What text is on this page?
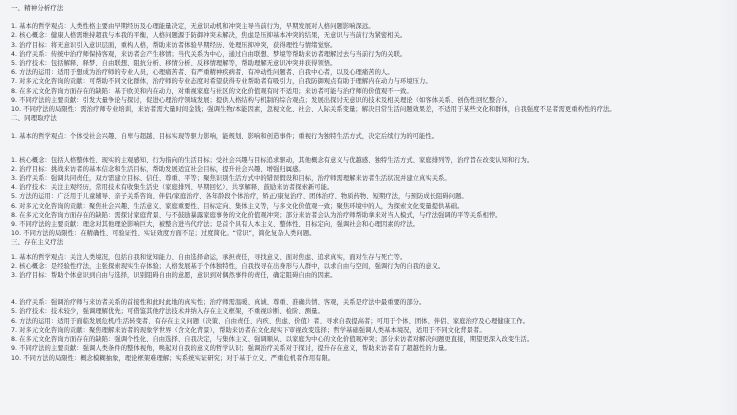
一、精神分析疗法
1. 基本的哲学观点：人类性格主要由早期经历及心理能量决定，无意识动机和冲突主导当前行为，早期发展对人格问题影响深远。
2. 核心概念：健康人格需维持超我与本我的平衡，人格问题源于防御冲突未解决，焦虑是压抑基本冲突的结果，无意识与当前行为紧密相关。
3. 治疗目标：将无意识引入意识层面，重构人格，帮助来访者体验早期经历、处理压抑冲突，获得理性与情绪觉察。
4. 治疗关系：传统中治疗师保持客观，来访者会产生移情；当代关系为中心，通过自由联想、梦境等帮助来访者理解过去与当前行为的关联。
5. 治疗技术：包括解释、释梦、自由联想、阻抗分析、移情分析、反移情理解等，帮助理解无意识冲突并获得领悟。
6. 方法的运用：适用于想成为治疗师的专业人员，心理痛苦者、有严重精神疾病者、有冲动性问题者、自我中心者，以及心理痛苦的人。
7. 对多元文化咨询的贡献：可帮助不同文化群体，治疗师的专业态度对希望获得专业帮助者有吸引力，自我防御观点有助于理解内在动力与环境压力。
8. 在多元文化咨询方面存在的缺陷：基于欧美和内在动力，对重视家庭与社区的文化价值观有时不适用；来访者可能与治疗师的价值观不一致。
9. 不同疗法的主要贡献：引发大量争论与探讨，促进心理治疗领域发展；提供人格结构与机制的综合观点；发展出探讨无意识的技术及相关理论（如客体关系、创伤性回忆整合）。
10. 不同疗法的局限性：需治疗师专业培训，来访者需大量时间金钱；强调生物/本能因素，忽视文化、社会、人际关系变量；解决目常生活问题效果差，不适用于某些文化和群体，自我强度不足者需更重构性的疗法。
二、同理取疗法
1. 基本的哲学观点：个体受社会兴趣、自卑与超越、目标实现等驱力影响，能规划、影响和创造事件；重视行为独特生活方式，决定后续行为的可能性。
1. 核心概念：包括人格整体性、现实的主观感知、行为指向的生活目标；受社会兴趣与目标追求驱动，其他概念有意义与优越感、独特生活方式、家庭排列等，治疗旨在改变认知和行为。
2. 治疗目标：挑战来访者的基本信念和生活目标，帮助发展适宜社会目标，提升社会兴趣、增强归属感。
3. 治疗关系：强调共同责任，双方需建立目标、信任、尊重、平等；聚焦识别生活方式中的错误假设和目标，治疗师需理解来访者生活状况并建立真实关系。
4. 治疗技术：关注主观经历，常用技术有收集生活史（家庭排列、早期回忆）、共享解释、鼓励来访者探索新可能。
5. 方法的运用：广泛用于儿童辅导、亲子关系咨询、伴侣/家庭治疗、各年龄段个体治疗，矫正/康复治疗、团体治疗、物质药物、短期疗法，与预防成长阻碍问题。
6. 对多元文化咨询的贡献：聚焦社会兴趣、生活意义、家庭重要性、目标定向、集体主义等，与多文化价值观一致；聚焦环境中的人，为探索文化变量提供基础。
8. 在多元文化咨询方面存在的缺陷：需探讨家庭背景、与不鼓励暴露家庭事务的文化价值观冲突；部分来访者会认为治疗师帮助拿来对当人模式，与疗法强调的平等关系相悖。
9. 不同疗法的主要贡献：理念对其他理论影响巨大，被整合进当代疗法；是首个具有人本主义、整体性、目标定向，强调社会和心理因素的疗法。
10. 不同方法的局限性：在精确性、可验证性、实证效度方面不足；过度简化。“常识”，简化复杂人类问题。
三、存在主义疗法
1. 基本的哲学观点：关注人类境况，包括自我和觉知能力、自由选择命运，承担责任，寻找意义、面对焦虑、追求真实，面对生存与死亡等。
2. 核心概念：是经验性疗法，主张探索现实生存体验；人格发展基于个体独特性，自我找寻在出身形与人群中，以求自由与空间，强调行为的自我的意义。
3. 治疗目标：帮助个体意识到自由与选择，识别阻碍自由的意愿，意识到对偶然事件的责任，确定阻碍自由的因素。
4. 治疗关系：强调治疗师与来访者关系的首接性和此时此地的真实性；治疗师需温暖、真诚、尊重、准确共情、客观，关系是疗法中最重要的部分。
5. 治疗技术：技术较少，强调理解优先；可借鉴其他疗法技术并纳入存在主义框架，不重视诊断、检阶、测量。
6. 方法的运用：适用于面临发展危机/生活转变者、有存在主义问题（决策、自由责任、内疚、焦虑、价值）者、寻求自我提高者；可用于个体、团体、伴侣、家庭治疗及心理健康工作。
7. 对多元文化咨询的贡献：聚焦理解来访者的现象学世界（含文化背景），帮助来访者在文化现实下审视改变选择；哲学基础强调人类基本境况，适用于不同文化背景者。
8. 在多元文化咨询方面存在的缺陷：强调个性化、自由选择、自我决定，与集体主义、强调顺从、以家庭为中心的文化价值观冲突；部分来访者对解决问题更直接，期望更深入改变生活。
9. 不同疗法的主要贡献：强调人类条件的整体视角，唤起对自我的意义的哲学认识；强调治疗关系对于探讨，提升存在意义，帮助来访者有了超越性的力量。
10. 不同方法的局限性：概念模糊抽象，理论框架难理解；实系统实证研究；对于基于立义、严重危机者作用有限。
